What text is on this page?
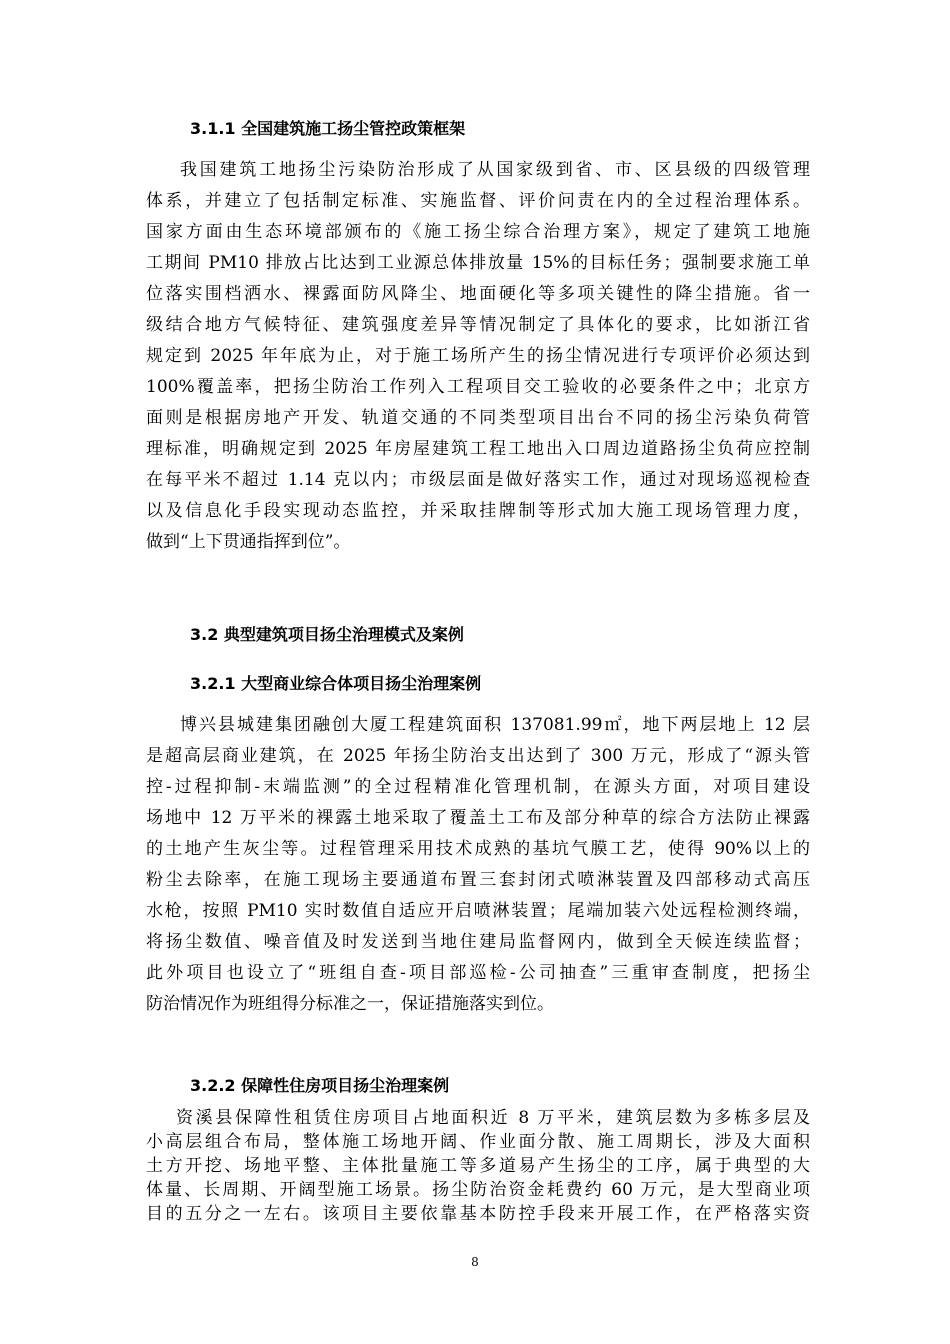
3.1.1 全国建筑施工扬尘管控政策框架
我国建筑工地扬尘污染防治形成了从国家级到省、市、区县级的四级管理
体系，并建立了包括制定标准、实施监督、评价问责在内的全过程治理体系。
国家方面由生态环境部颁布的《施工扬尘综合治理方案》，规定了建筑工地施
工期间 PM10 排放占比达到工业源总体排放量 15%的目标任务；强制要求施工单
位落实围档洒水、裸露面防风降尘、地面硬化等多项关键性的降尘措施。省一
级结合地方气候特征、建筑强度差异等情况制定了具体化的要求，比如浙江省
规定到 2025 年年底为止，对于施工场所产生的扬尘情况进行专项评价必须达到
100%覆盖率，把扬尘防治工作列入工程项目交工验收的必要条件之中；北京方
面则是根据房地产开发、轨道交通的不同类型项目出台不同的扬尘污染负荷管
理标准，明确规定到 2025 年房屋建筑工程工地出入口周边道路扬尘负荷应控制
在每平米不超过 1.14 克以内；市级层面是做好落实工作，通过对现场巡视检查
以及信息化手段实现动态监控，并采取挂牌制等形式加大施工现场管理力度，
做到“上下贯通指挥到位”。
3.2 典型建筑项目扬尘治理模式及案例
3.2.1 大型商业综合体项目扬尘治理案例
博兴县城建集团融创大厦工程建筑面积 137081.99㎡，地下两层地上 12 层
是超高层商业建筑，在 2025 年扬尘防治支出达到了 300 万元，形成了“源头管
控-过程抑制-末端监测”的全过程精准化管理机制，在源头方面，对项目建设
场地中 12 万平米的裸露土地采取了覆盖土工布及部分种草的综合方法防止裸露
的土地产生灰尘等。过程管理采用技术成熟的基坑气膜工艺，使得 90%以上的
粉尘去除率，在施工现场主要通道布置三套封闭式喷淋装置及四部移动式高压
水枪，按照 PM10 实时数值自适应开启喷淋装置；尾端加装六处远程检测终端，
将扬尘数值、噪音值及时发送到当地住建局监督网内，做到全天候连续监督；
此外项目也设立了“班组自查-项目部巡检-公司抽查”三重审查制度，把扬尘
防治情况作为班组得分标准之一，保证措施落实到位。
3.2.2 保障性住房项目扬尘治理案例
资溪县保障性租赁住房项目占地面积近 8 万平米，建筑层数为多栋多层及
小高层组合布局，整体施工场地开阔、作业面分散、施工周期长，涉及大面积
土方开挖、场地平整、主体批量施工等多道易产生扬尘的工序，属于典型的大
体量、长周期、开阔型施工场景。扬尘防治资金耗费约 60 万元，是大型商业项
目的五分之一左右。该项目主要依靠基本防控手段来开展工作，在严格落实资
8
